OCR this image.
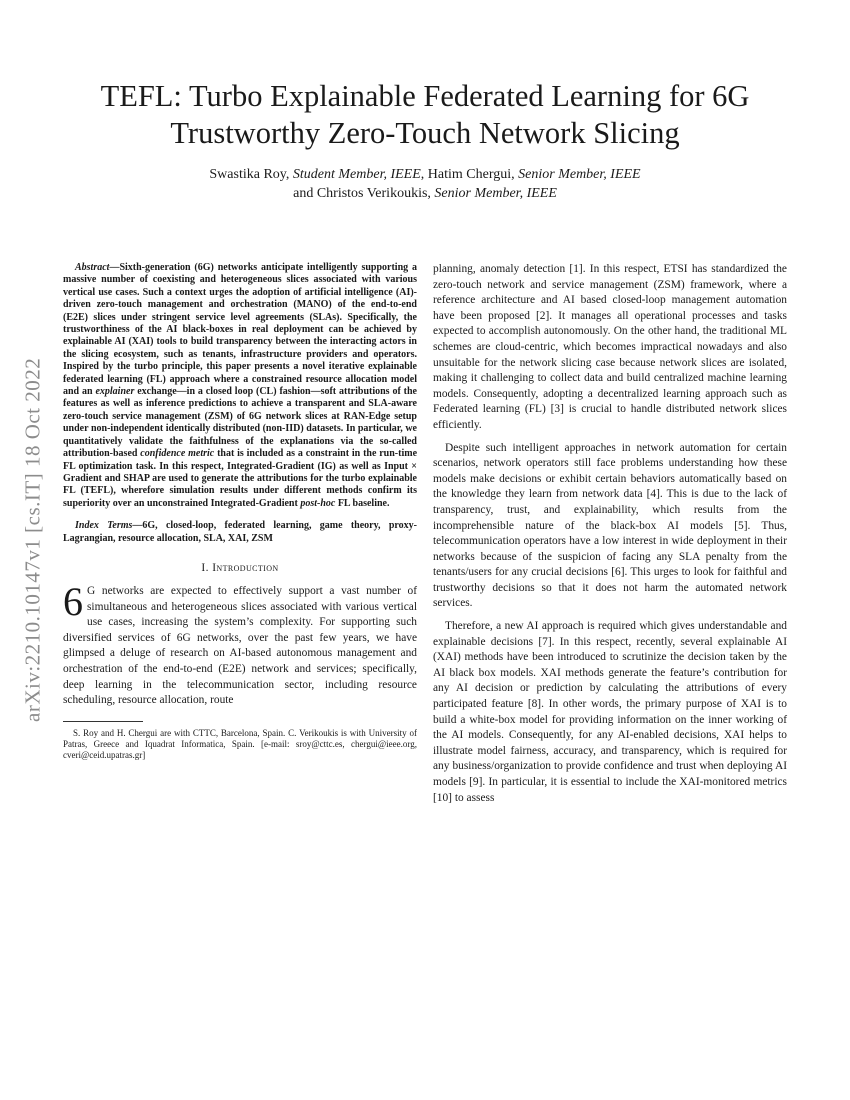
arXiv:2210.10147v1 [cs.IT] 18 Oct 2022
TEFL: Turbo Explainable Federated Learning for 6G Trustworthy Zero-Touch Network Slicing
Swastika Roy, Student Member, IEEE, Hatim Chergui, Senior Member, IEEE
and Christos Verikoukis, Senior Member, IEEE

Abstract—Sixth-generation (6G) networks anticipate intelligently supporting a massive number of coexisting and heterogeneous slices associated with various vertical use cases. Such a context urges the adoption of artificial intelligence (AI)-driven zero-touch management and orchestration (MANO) of the end-to-end (E2E) slices under stringent service level agreements (SLAs). Specifically, the trustworthiness of the AI black-boxes in real deployment can be achieved by explainable AI (XAI) tools to build transparency between the interacting actors in the slicing ecosystem, such as tenants, infrastructure providers and operators. Inspired by the turbo principle, this paper presents a novel iterative explainable federated learning (FL) approach where a constrained resource allocation model and an explainer exchange—in a closed loop (CL) fashion—soft attributions of the features as well as inference predictions to achieve a transparent and SLA-aware zero-touch service management (ZSM) of 6G network slices at RAN-Edge setup under non-independent identically distributed (non-IID) datasets. In particular, we quantitatively validate the faithfulness of the explanations via the so-called attribution-based confidence metric that is included as a constraint in the run-time FL optimization task. In this respect, Integrated-Gradient (IG) as well as Input × Gradient and SHAP are used to generate the attributions for the turbo explainable FL (TEFL), wherefore simulation results under different methods confirm its superiority over an unconstrained Integrated-Gradient post-hoc FL baseline.

Index Terms—6G, closed-loop, federated learning, game theory, proxy-Lagrangian, resource allocation, SLA, XAI, ZSM

I. Introduction

6 G networks are expected to effectively support a vast number of simultaneous and heterogeneous slices associated with various vertical use cases, increasing the system’s complexity. For supporting such diversified services of 6G networks, over the past few years, we have glimpsed a deluge of research on AI-based autonomous management and orchestration of the end-to-end (E2E) network and services; specifically, deep learning in the telecommunication sector, including resource scheduling, resource allocation, route

S. Roy and H. Chergui are with CTTC, Barcelona, Spain. C. Verikoukis is with University of Patras, Greece and Iquadrat Informatica, Spain. [e-mail: sroy@cttc.es, chergui@ieee.org, cveri@ceid.upatras.gr]

planning, anomaly detection [1]. In this respect, ETSI has standardized the zero-touch network and service management (ZSM) framework, where a reference architecture and AI based closed-loop management automation have been proposed [2]. It manages all operational processes and tasks expected to accomplish autonomously. On the other hand, the traditional ML schemes are cloud-centric, which becomes impractical nowadays and also unsuitable for the network slicing case because network slices are isolated, making it challenging to collect data and build centralized machine learning models. Consequently, adopting a decentralized learning approach such as Federated learning (FL) [3] is crucial to handle distributed network slices efficiently.

Despite such intelligent approaches in network automation for certain scenarios, network operators still face problems understanding how these models make decisions or exhibit certain behaviors automatically based on the knowledge they learn from network data [4]. This is due to the lack of transparency, trust, and explainability, which results from the incomprehensible nature of the black-box AI models [5]. Thus, telecommunication operators have a low interest in wide deployment in their networks because of the suspicion of facing any SLA penalty from the tenants/users for any crucial decisions [6]. This urges to look for faithful and trustworthy decisions so that it does not harm the automated network services.

Therefore, a new AI approach is required which gives understandable and explainable decisions [7]. In this respect, recently, several explainable AI (XAI) methods have been introduced to scrutinize the decision taken by the AI black box models. XAI methods generate the feature’s contribution for any AI decision or prediction by calculating the attributions of every participated feature [8]. In other words, the primary purpose of XAI is to build a white-box model for providing information on the inner working of the AI models. Consequently, for any AI-enabled decisions, XAI helps to illustrate model fairness, accuracy, and transparency, which is required for any business/organization to provide confidence and trust when deploying AI models [9]. In particular, it is essential to include the XAI-monitored metrics [10] to assess
